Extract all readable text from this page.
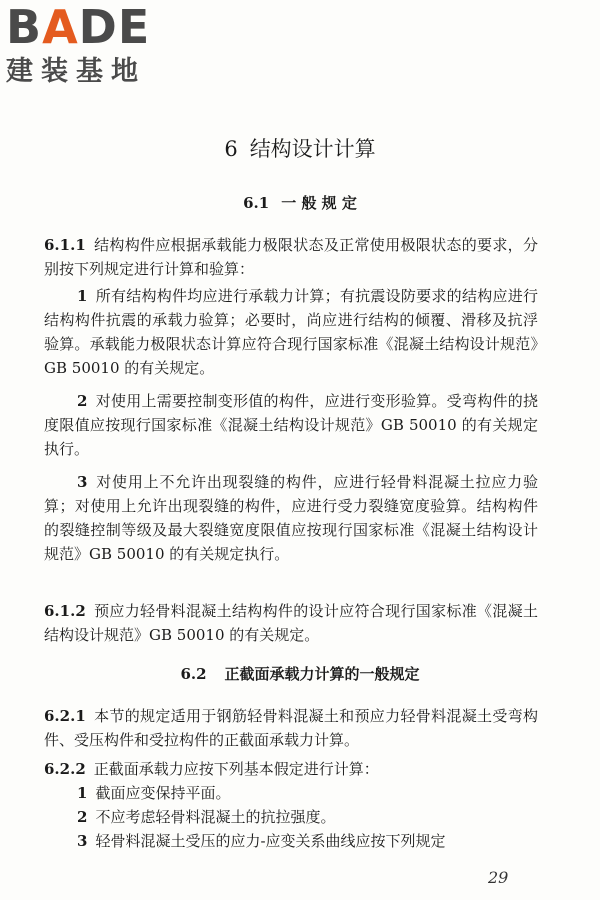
BADE
建装基地
6 结构设计计算
6.1 一 般 规 定
6.1.1 结构构件应根据承载能力极限状态及正常使用极限状态的要求，分别按下列规定进行计算和验算：
1 所有结构构件均应进行承载力计算；有抗震设防要求的结构应进行结构构件抗震的承载力验算；必要时，尚应进行结构的倾覆、滑移及抗浮验算。承载能力极限状态计算应符合现行国家标准《混凝土结构设计规范》GB 50010 的有关规定。
2 对使用上需要控制变形值的构件，应进行变形验算。受弯构件的挠度限值应按现行国家标准《混凝土结构设计规范》GB 50010 的有关规定执行。
3 对使用上不允许出现裂缝的构件，应进行轻骨料混凝土拉应力验算；对使用上允许出现裂缝的构件，应进行受力裂缝宽度验算。结构构件的裂缝控制等级及最大裂缝宽度限值应按现行国家标准《混凝土结构设计规范》GB 50010 的有关规定执行。
6.1.2 预应力轻骨料混凝土结构构件的设计应符合现行国家标准《混凝土结构设计规范》GB 50010 的有关规定。
6.2 正截面承载力计算的一般规定
6.2.1 本节的规定适用于钢筋轻骨料混凝土和预应力轻骨料混凝土受弯构件、受压构件和受拉构件的正截面承载力计算。
6.2.2 正截面承载力应按下列基本假定进行计算：
1 截面应变保持平面。
2 不应考虑轻骨料混凝土的抗拉强度。
3 轻骨料混凝土受压的应力-应变关系曲线应按下列规定
29
